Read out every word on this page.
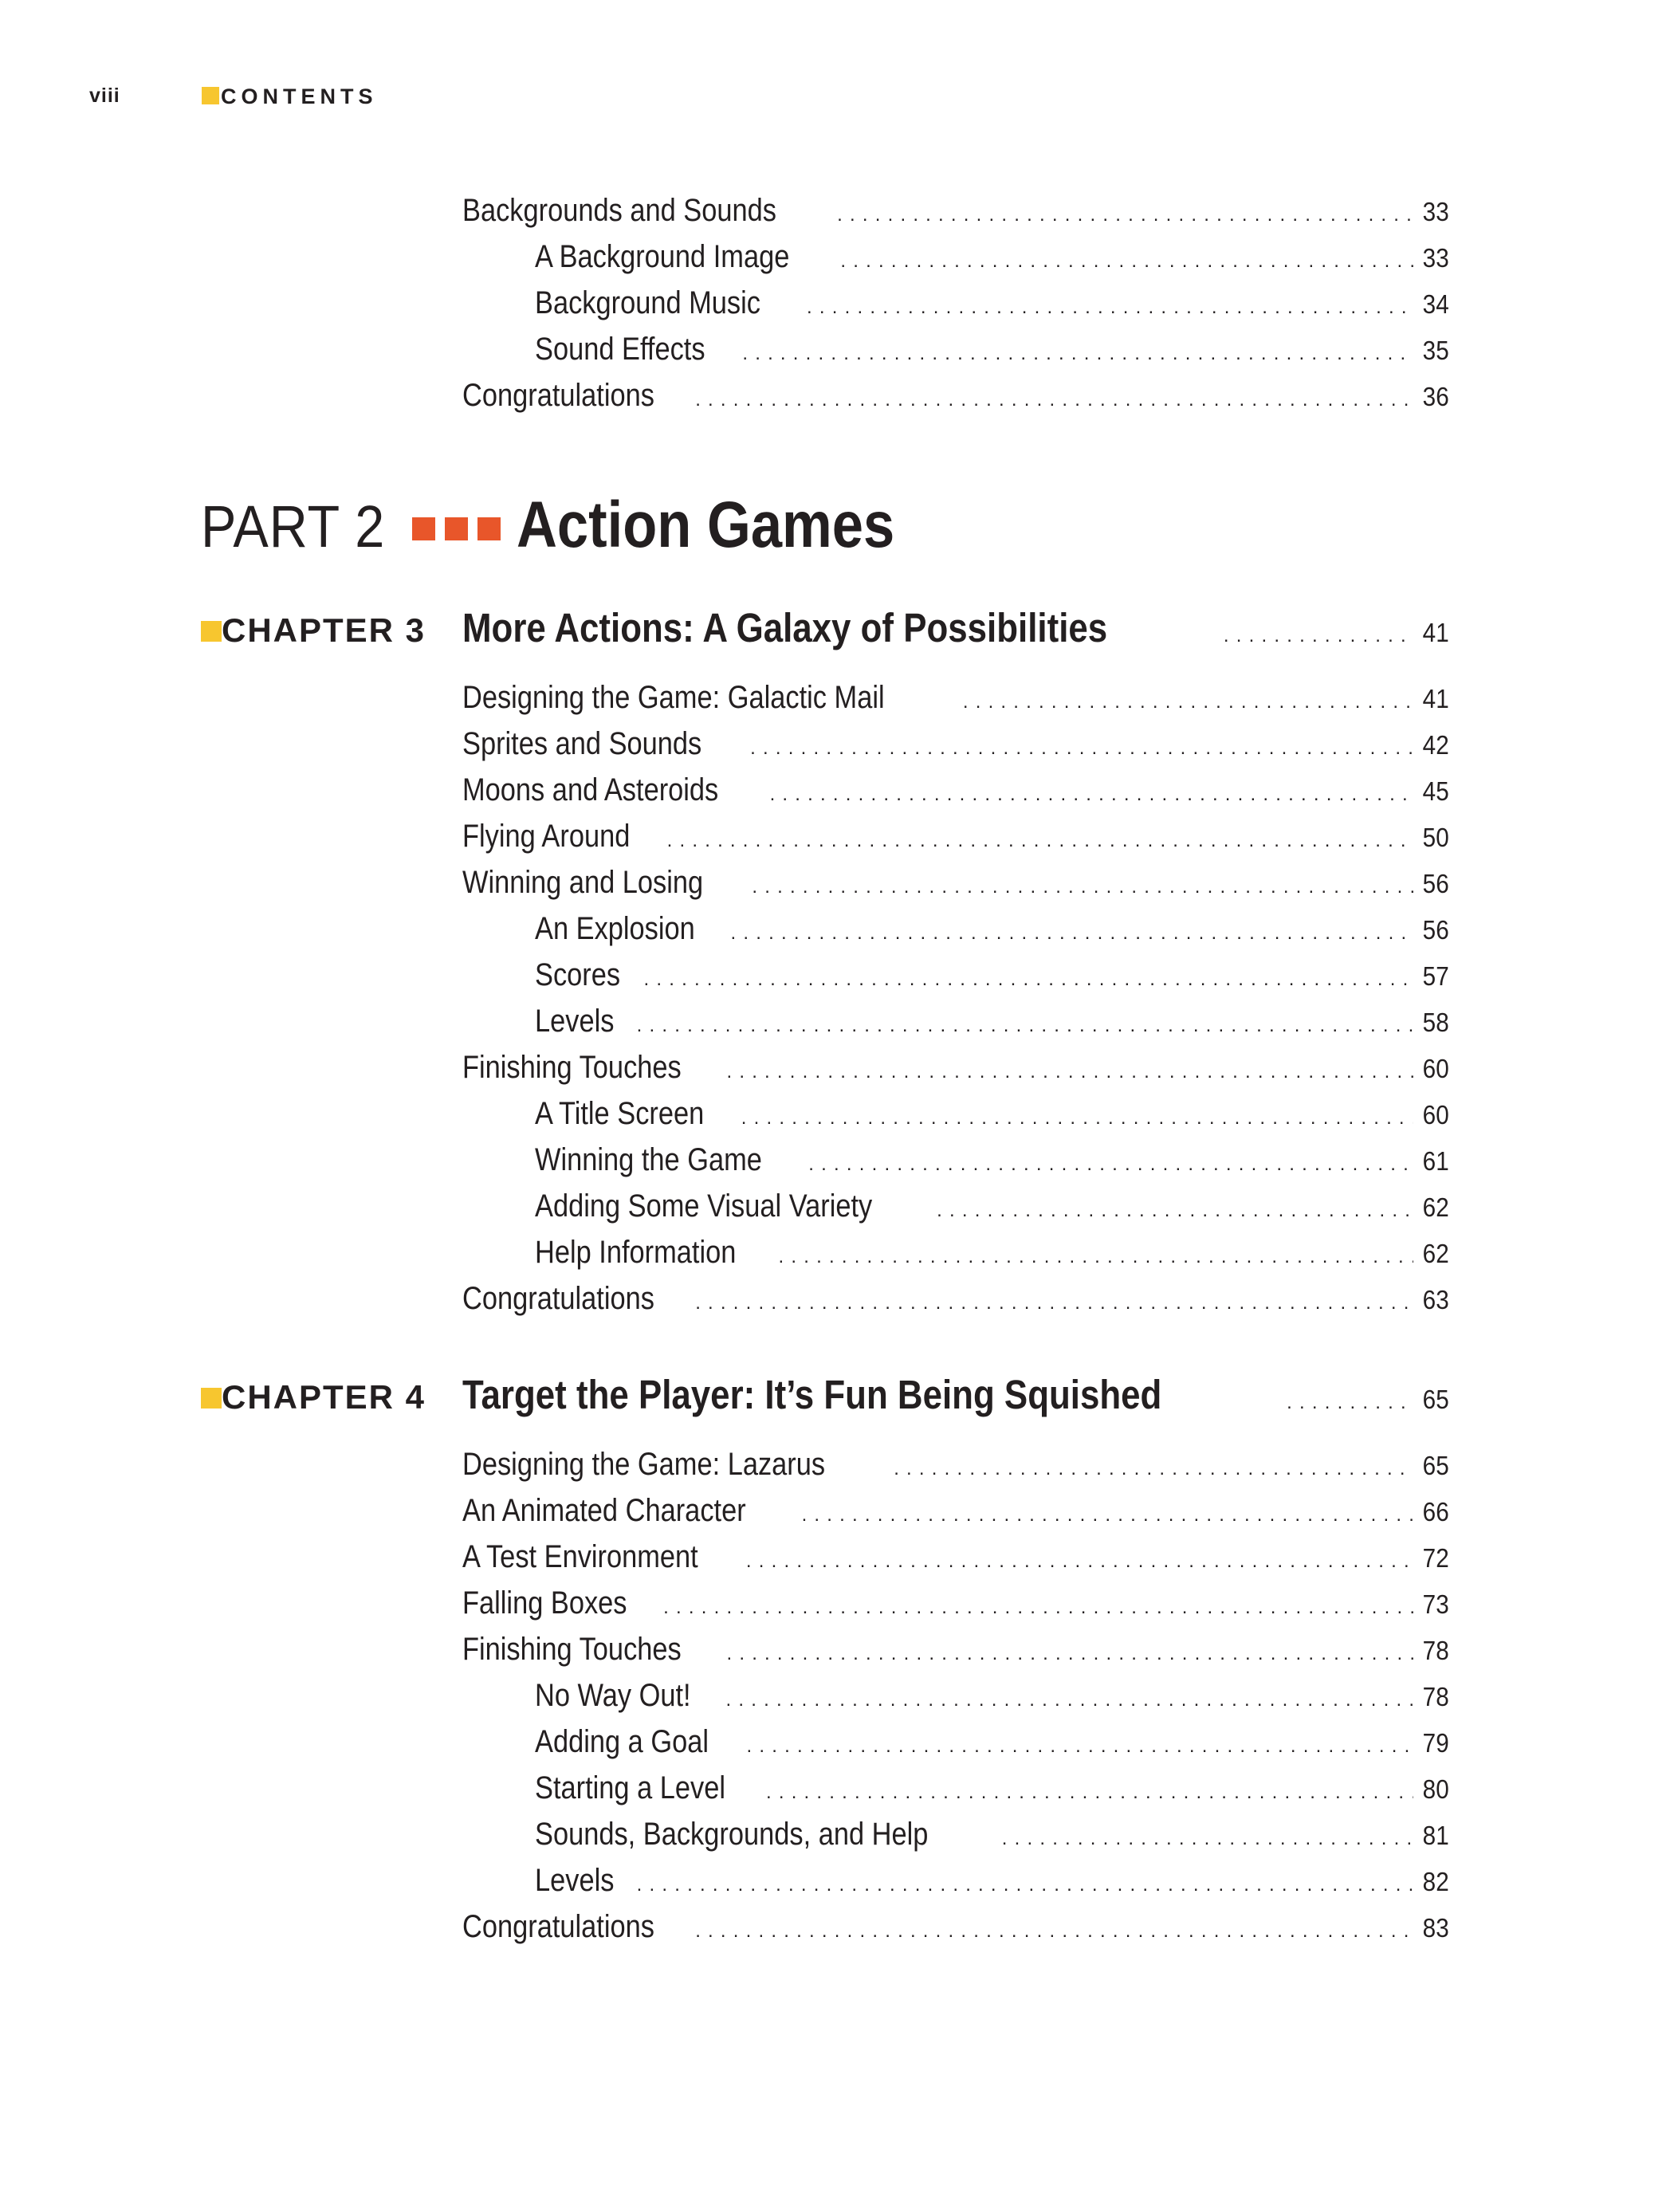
viii	CONTENTS
Backgrounds and Sounds .....	33
A Background Image .....	33
Background Music .....	34
Sound Effects .....	35
Congratulations .....	36
PART 2 Action Games
CHAPTER 3 More Actions: A Galaxy of Possibilities .....	41
Designing the Game: Galactic Mail .....	41
Sprites and Sounds .....	42
Moons and Asteroids .....	45
Flying Around .....	50
Winning and Losing .....	56
An Explosion .....	56
Scores .....	57
Levels .....	58
Finishing Touches .....	60
A Title Screen .....	60
Winning the Game .....	61
Adding Some Visual Variety .....	62
Help Information .....	62
Congratulations .....	63
CHAPTER 4 Target the Player: It’s Fun Being Squished .....	65
Designing the Game: Lazarus .....	65
An Animated Character .....	66
A Test Environment .....	72
Falling Boxes .....	73
Finishing Touches .....	78
No Way Out! .....	78
Adding a Goal .....	79
Starting a Level .....	80
Sounds, Backgrounds, and Help .....	81
Levels .....	82
Congratulations .....	83
